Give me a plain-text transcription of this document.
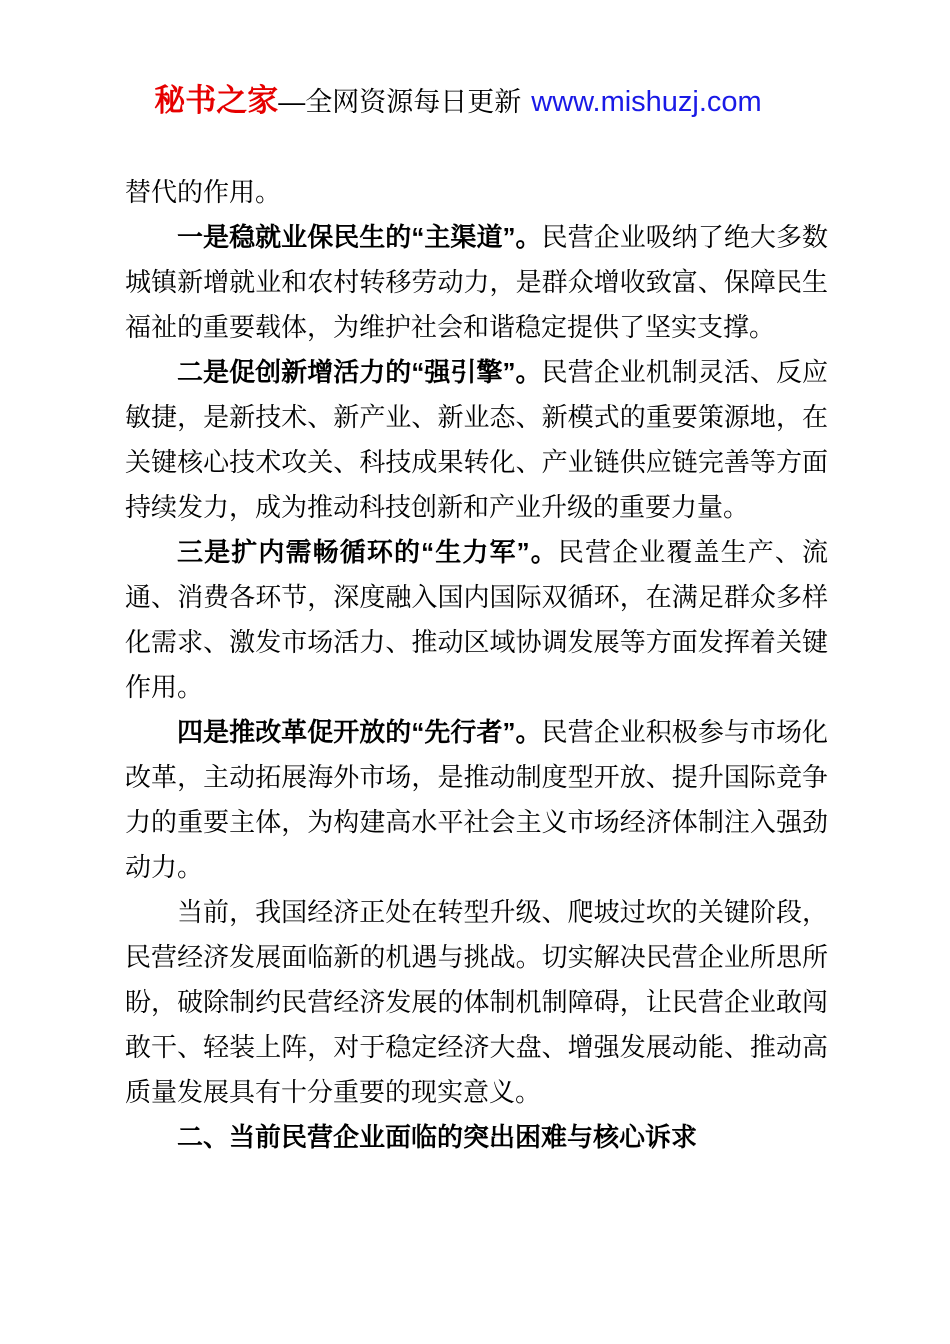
秘书之家—全网资源每日更新 www.mishuzj.com

替代的作用。

一是稳就业保民生的“主渠道”。民营企业吸纳了绝大多数城镇新增就业和农村转移劳动力，是群众增收致富、保障民生福祉的重要载体，为维护社会和谐稳定提供了坚实支撑。

二是促创新增活力的“强引擎”。民营企业机制灵活、反应敏捷，是新技术、新产业、新业态、新模式的重要策源地，在关键核心技术攻关、科技成果转化、产业链供应链完善等方面持续发力，成为推动科技创新和产业升级的重要力量。

三是扩内需畅循环的“生力军”。民营企业覆盖生产、流通、消费各环节，深度融入国内国际双循环，在满足群众多样化需求、激发市场活力、推动区域协调发展等方面发挥着关键作用。

四是推改革促开放的“先行者”。民营企业积极参与市场化改革，主动拓展海外市场，是推动制度型开放、提升国际竞争力的重要主体，为构建高水平社会主义市场经济体制注入强劲动力。

当前，我国经济正处在转型升级、爬坡过坎的关键阶段，民营经济发展面临新的机遇与挑战。切实解决民营企业所思所盼，破除制约民营经济发展的体制机制障碍，让民营企业敢闯敢干、轻装上阵，对于稳定经济大盘、增强发展动能、推动高质量发展具有十分重要的现实意义。

二、当前民营企业面临的突出困难与核心诉求
